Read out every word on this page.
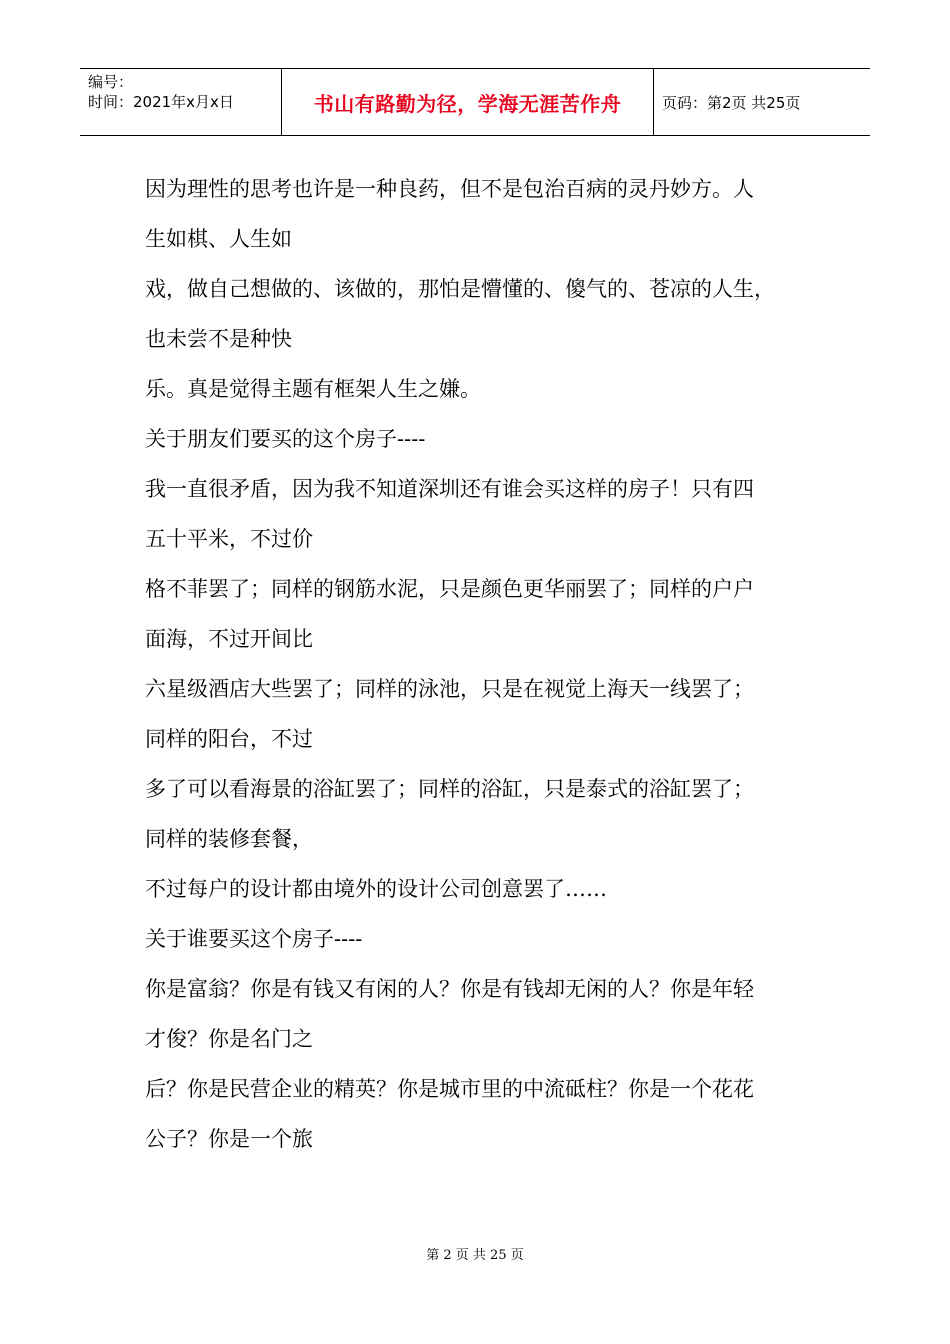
编号：
时间：2021年x月x日	书山有路勤为径，学海无涯苦作舟	页码：第2页 共25页

因为理性的思考也许是一种良药，但不是包治百病的灵丹妙方。人

生如棋、人生如

戏，做自己想做的、该做的，那怕是懵懂的、傻气的、苍凉的人生，

也未尝不是种快

乐。真是觉得主题有框架人生之嫌。

关于朋友们要买的这个房子----

我一直很矛盾，因为我不知道深圳还有谁会买这样的房子！只有四

五十平米，不过价

格不菲罢了；同样的钢筋水泥，只是颜色更华丽罢了；同样的户户

面海，不过开间比

六星级酒店大些罢了；同样的泳池，只是在视觉上海天一线罢了；

同样的阳台，不过

多了可以看海景的浴缸罢了；同样的浴缸，只是泰式的浴缸罢了；

同样的装修套餐，

不过每户的设计都由境外的设计公司创意罢了……

关于谁要买这个房子----

你是富翁？你是有钱又有闲的人？你是有钱却无闲的人？你是年轻

才俊？你是名门之

后？你是民营企业的精英？你是城市里的中流砥柱？你是一个花花

公子？你是一个旅

第 2 页 共 25 页
